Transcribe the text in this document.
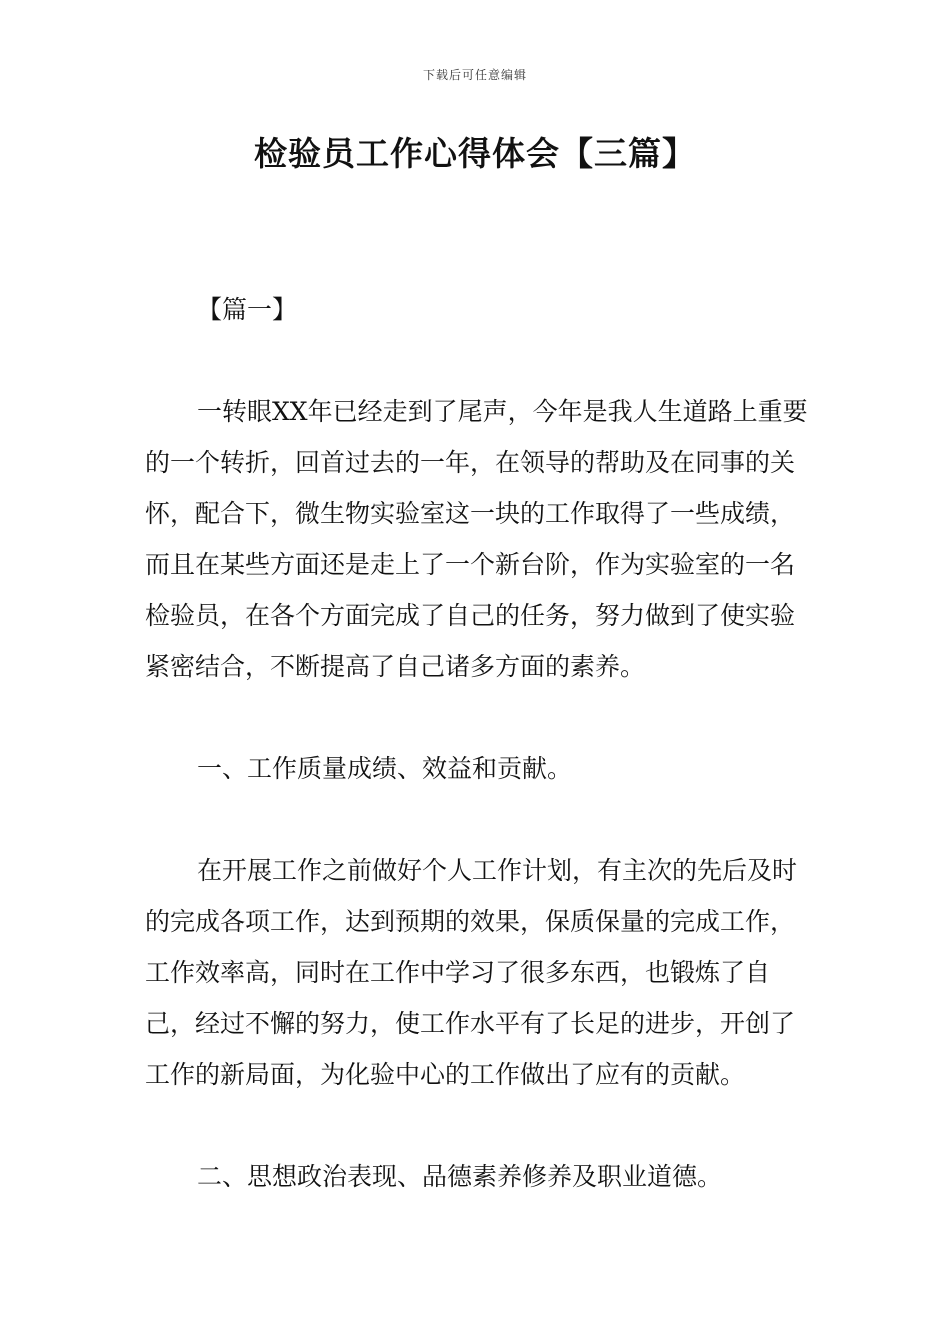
下载后可任意编辑
检验员工作心得体会【三篇】

【篇一】

一转眼XX年已经走到了尾声，今年是我人生道路上重要的一个转折，回首过去的一年，在领导的帮助及在同事的关怀，配合下，微生物实验室这一块的工作取得了一些成绩，而且在某些方面还是走上了一个新台阶，作为实验室的一名检验员，在各个方面完成了自己的任务，努力做到了使实验紧密结合，不断提高了自己诸多方面的素养。

一、工作质量成绩、效益和贡献。

在开展工作之前做好个人工作计划，有主次的先后及时的完成各项工作，达到预期的效果，保质保量的完成工作，工作效率高，同时在工作中学习了很多东西，也锻炼了自己，经过不懈的努力，使工作水平有了长足的进步，开创了工作的新局面，为化验中心的工作做出了应有的贡献。

二、思想政治表现、品德素养修养及职业道德。
